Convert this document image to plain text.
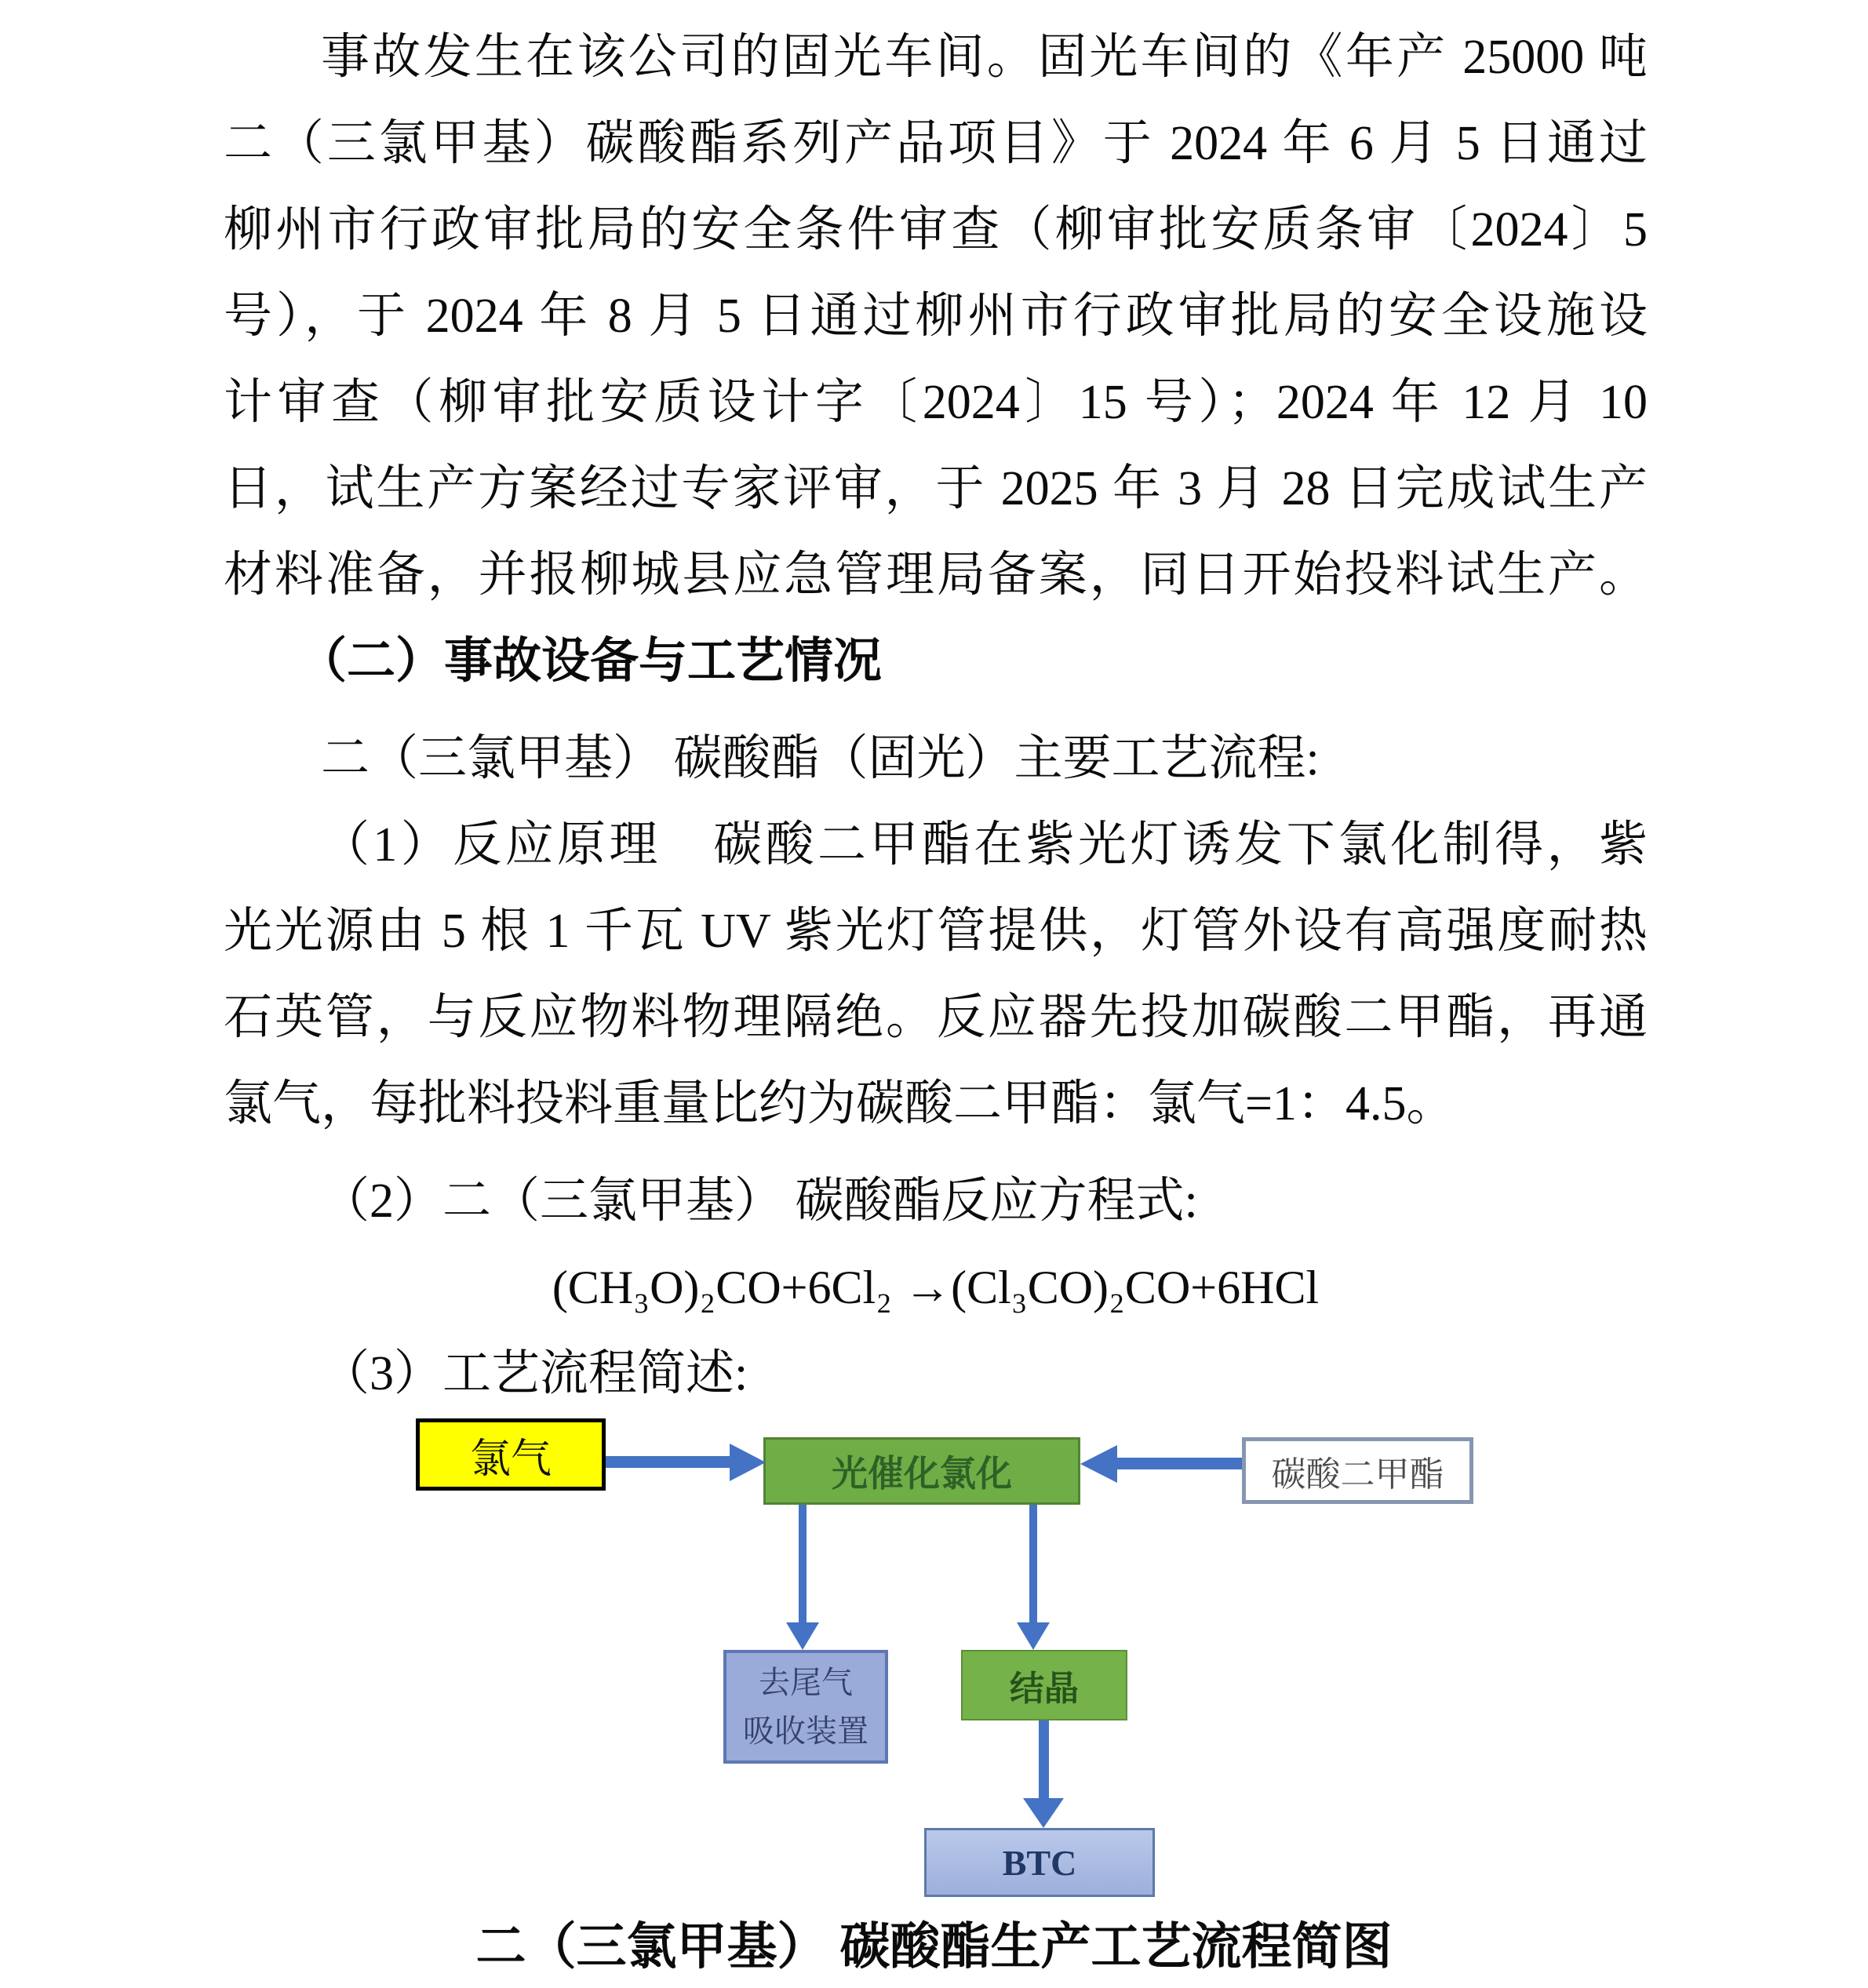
事故发生在该公司的固光车间。固光车间的《年产 25000 吨
二（三氯甲基）碳酸酯系列产品项目》于 2024 年 6 月 5 日通过
柳州市行政审批局的安全条件审查（柳审批安质条审〔2024〕5
号），于 2024 年 8 月 5 日通过柳州市行政审批局的安全设施设
计审查（柳审批安质设计字〔2024〕15 号）；2024 年 12 月 10
日，试生产方案经过专家评审，于 2025 年 3 月 28 日完成试生产
材料准备，并报柳城县应急管理局备案，同日开始投料试生产。
（二）事故设备与工艺情况
二（三氯甲基） 碳酸酯（固光）主要工艺流程:
（1）反应原理　碳酸二甲酯在紫光灯诱发下氯化制得，紫
光光源由 5 根 1 千瓦 UV 紫光灯管提供，灯管外设有高强度耐热
石英管，与反应物料物理隔绝。反应器先投加碳酸二甲酯，再通
氯气，每批料投料重量比约为碳酸二甲酯：氯气=1：4.5。
（2）二（三氯甲基） 碳酸酯反应方程式:
(CH₃O)₂CO+6Cl₂ →(Cl₃CO)₂CO+6HCl
（3）工艺流程简述:
氯气	光催化氯化	碳酸二甲酯
去尾气
吸收装置
结晶
BTC
二（三氯甲基） 碳酸酯生产工艺流程简图
